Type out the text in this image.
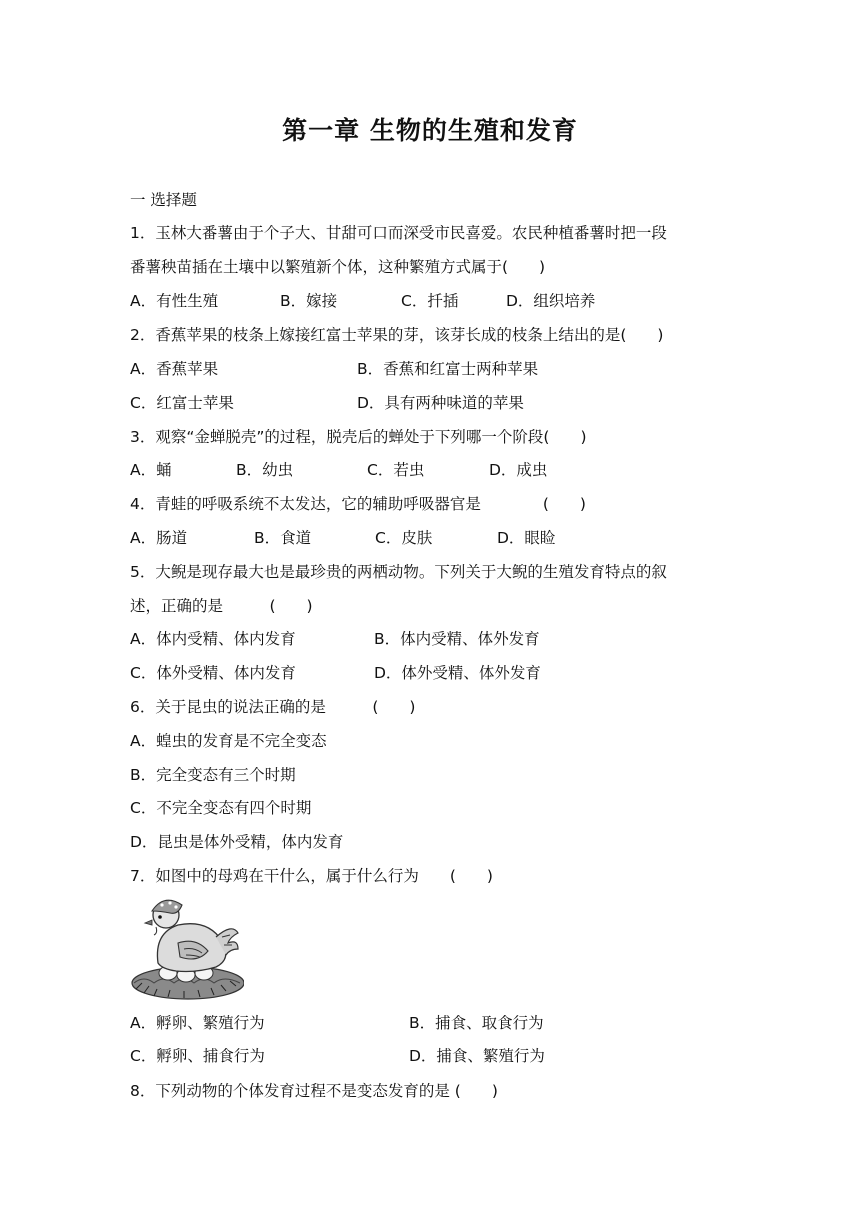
第一章 生物的生殖和发育
一 选择题
1．玉林大番薯由于个子大、甘甜可口而深受市民喜爱。农民种植番薯时把一段
番薯秧苗插在土壤中以繁殖新个体，这种繁殖方式属于(　　)
A．有性生殖	B．嫁接	C．扦插	D．组织培养
2．香蕉苹果的枝条上嫁接红富士苹果的芽，该芽长成的枝条上结出的是(　　)
A．香蕉苹果	B．香蕉和红富士两种苹果
C．红富士苹果	D．具有两种味道的苹果
3．观察“金蝉脱壳”的过程，脱壳后的蝉处于下列哪一个阶段(　　)
A．蛹	B．幼虫	C．若虫	D．成虫
4．青蛙的呼吸系统不太发达，它的辅助呼吸器官是　　　　(　　)
A．肠道	B．食道	C．皮肤	D．眼睑
5．大鲵是现存最大也是最珍贵的两栖动物。下列关于大鲵的生殖发育特点的叙
述，正确的是　　　(　　)
A．体内受精、体内发育	B．体内受精、体外发育
C．体外受精、体内发育	D．体外受精、体外发育
6．关于昆虫的说法正确的是　　　(　　)
A．蝗虫的发育是不完全变态
B．完全变态有三个时期
C．不完全变态有四个时期
D．昆虫是体外受精，体内发育
7．如图中的母鸡在干什么，属于什么行为　　(　　)
A．孵卵、繁殖行为	B．捕食、取食行为
C．孵卵、捕食行为	D．捕食、繁殖行为
8．下列动物的个体发育过程不是变态发育的是 (　　)
